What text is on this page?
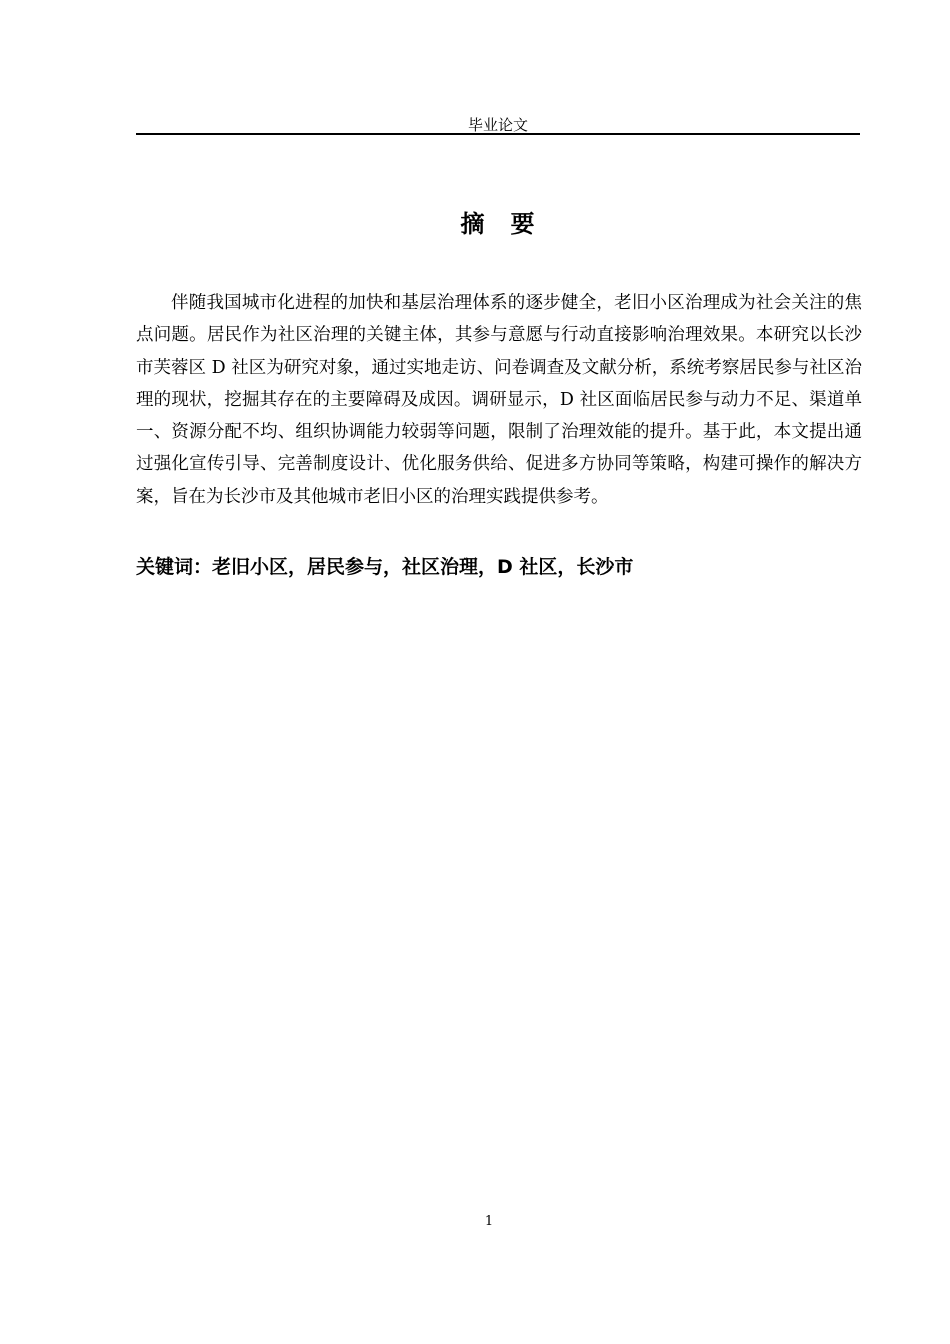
毕业论文
摘　要

伴随我国城市化进程的加快和基层治理体系的逐步健全，老旧小区治理成为社会关注的焦点问题。居民作为社区治理的关键主体，其参与意愿与行动直接影响治理效果。本研究以长沙市芙蓉区 D 社区为研究对象，通过实地走访、问卷调查及文献分析，系统考察居民参与社区治理的现状，挖掘其存在的主要障碍及成因。调研显示，D 社区面临居民参与动力不足、渠道单一、资源分配不均、组织协调能力较弱等问题，限制了治理效能的提升。基于此，本文提出通过强化宣传引导、完善制度设计、优化服务供给、促进多方协同等策略，构建可操作的解决方案，旨在为长沙市及其他城市老旧小区的治理实践提供参考。

关键词：老旧小区，居民参与，社区治理，D 社区，长沙市
1
